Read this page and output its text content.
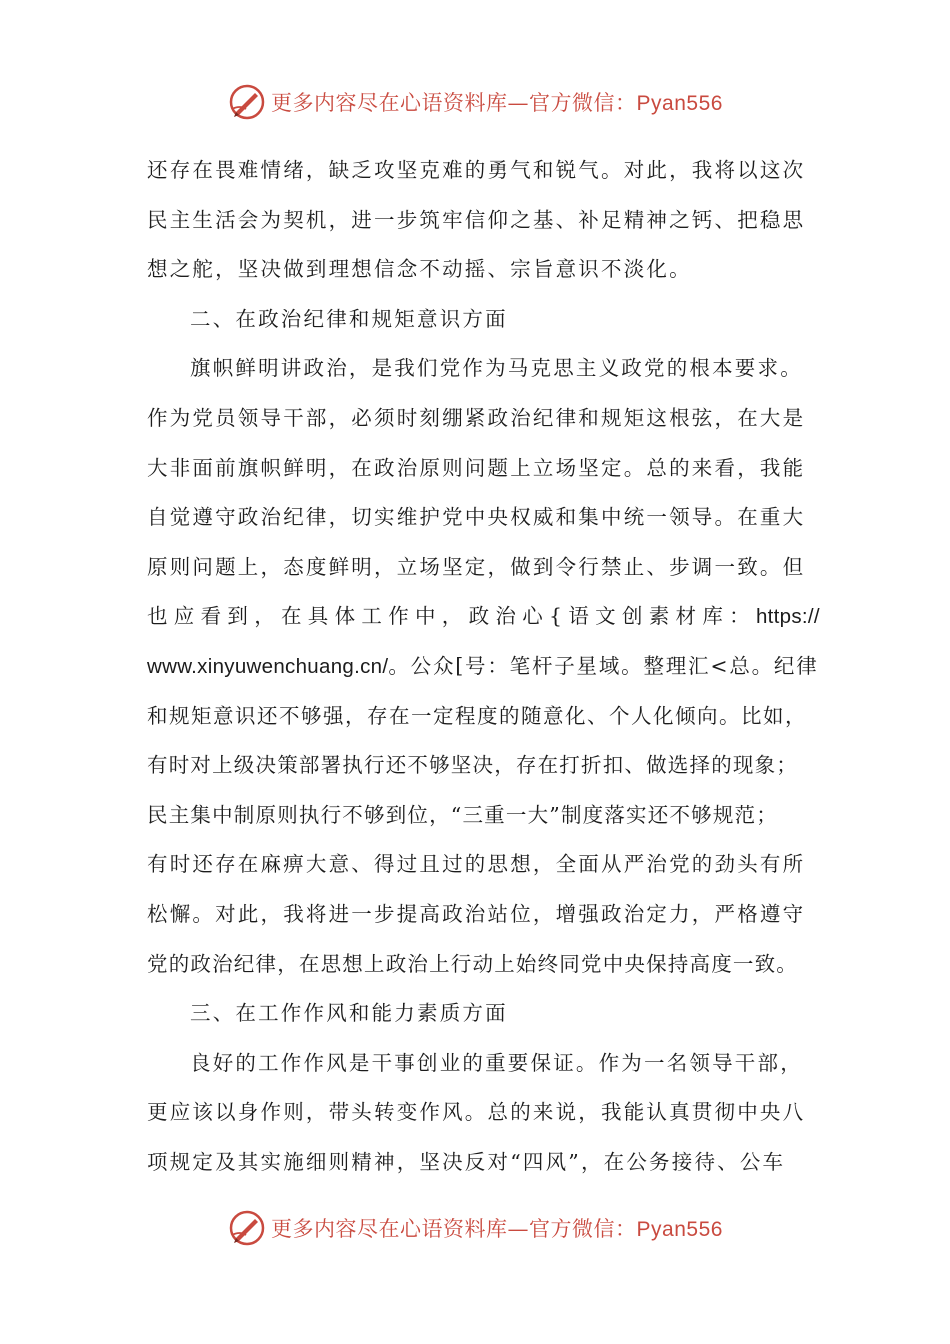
更多内容尽在心语资料库—官方微信：Pyan556
还存在畏难情绪，缺乏攻坚克难的勇气和锐气。对此，我将以这次
民主生活会为契机，进一步筑牢信仰之基、补足精神之钙、把稳思
想之舵，坚决做到理想信念不动摇、宗旨意识不淡化。
二、在政治纪律和规矩意识方面
旗帜鲜明讲政治，是我们党作为马克思主义政党的根本要求。
作为党员领导干部，必须时刻绷紧政治纪律和规矩这根弦，在大是
大非面前旗帜鲜明，在政治原则问题上立场坚定。总的来看，我能
自觉遵守政治纪律，切实维护党中央权威和集中统一领导。在重大
原则问题上，态度鲜明，立场坚定，做到令行禁止、步调一致。但
也应看到，在具体工作中，政治心{语文创素材库：https://
www.xinyuwenchuang.cn/。公众[号：笔杆子星域。整理汇<总。纪律
和规矩意识还不够强，存在一定程度的随意化、个人化倾向。比如，
有时对上级决策部署执行还不够坚决，存在打折扣、做选择的现象；
民主集中制原则执行不够到位，“三重一大”制度落实还不够规范；
有时还存在麻痹大意、得过且过的思想，全面从严治党的劲头有所
松懈。对此，我将进一步提高政治站位，增强政治定力，严格遵守
党的政治纪律，在思想上政治上行动上始终同党中央保持高度一致。
三、在工作作风和能力素质方面
良好的工作作风是干事创业的重要保证。作为一名领导干部，
更应该以身作则，带头转变作风。总的来说，我能认真贯彻中央八
项规定及其实施细则精神，坚决反对“四风”，在公务接待、公车
更多内容尽在心语资料库—官方微信：Pyan556
